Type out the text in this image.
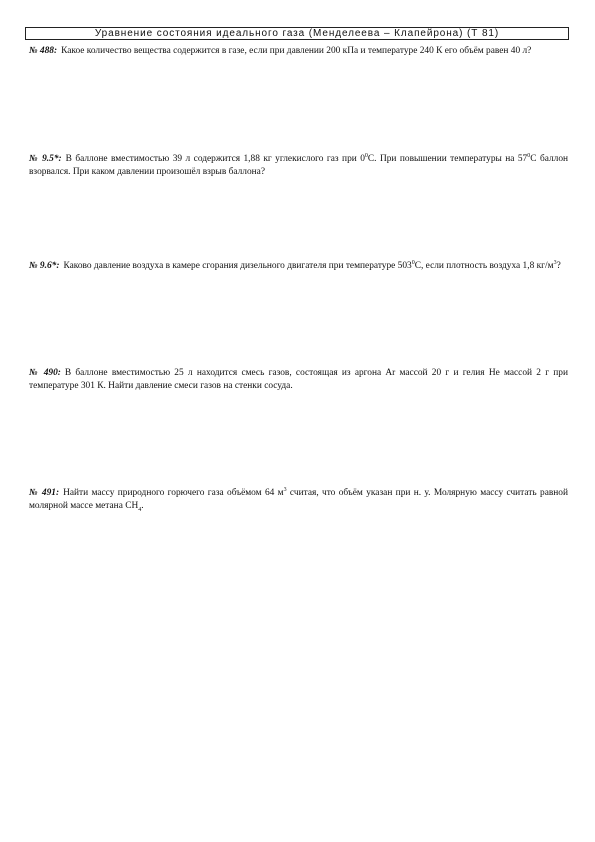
Уравнение состояния идеального газа (Менделеева – Клапейрона) (Т 81)
№ 488: Какое количество вещества содержится в газе, если при давлении 200 кПа и температуре 240 К его объём равен 40 л?
№ 9.5*: В баллоне вместимостью 39 л содержится 1,88 кг углекислого газ при $0^0С$. При повышении температуры на $57^0С$ баллон взорвался. При каком давлении произошёл взрыв баллона?
№ 9.6*: Каково давление воздуха в камере сгорания дизельного двигателя при температуре $503^0С$, если плотность воздуха 1,8 $кг/м^3$?
№ 490: В баллоне вместимостью 25 л находится смесь газов, состоящая из аргона Ar массой 20 г и гелия He массой 2 г при температуре 301 К. Найти давление смеси газов на стенки сосуда.
№ 491: Найти массу природного горючего газа объёмом 64 $м^3$ считая, что объём указан при н. у. Молярную массу считать равной молярной массе метана $СН_4$.
